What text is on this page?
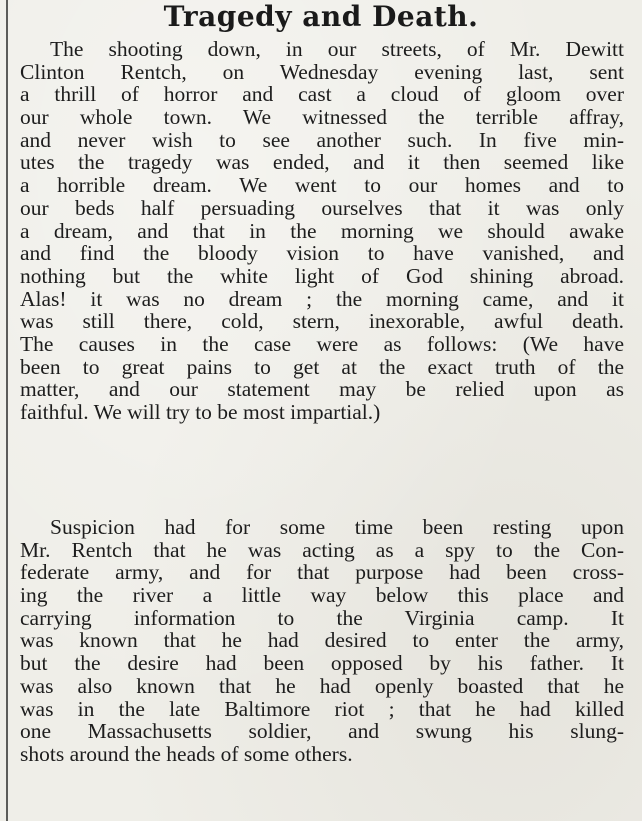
Tragedy and Death.
The shooting down, in our streets, of Mr. Dewitt
Clinton Rentch, on Wednesday evening last, sent
a thrill of horror and cast a cloud of gloom over
our whole town. We witnessed the terrible affray,
and never wish to see another such. In five min-
utes the tragedy was ended, and it then seemed like
a horrible dream. We went to our homes and to
our beds half persuading ourselves that it was only
a dream, and that in the morning we should awake
and find the bloody vision to have vanished, and
nothing but the white light of God shining abroad.
Alas! it was no dream ; the morning came, and it
was still there, cold, stern, inexorable, awful death.
The causes in the case were as follows: (We have
been to great pains to get at the exact truth of the
matter, and our statement may be relied upon as
faithful. We will try to be most impartial.)
Suspicion had for some time been resting upon
Mr. Rentch that he was acting as a spy to the Con-
federate army, and for that purpose had been cross-
ing the river a little way below this place and
carrying information to the Virginia camp. It
was known that he had desired to enter the army,
but the desire had been opposed by his father. It
was also known that he had openly boasted that he
was in the late Baltimore riot ; that he had killed
one Massachusetts soldier, and swung his slung-
shots around the heads of some others.
